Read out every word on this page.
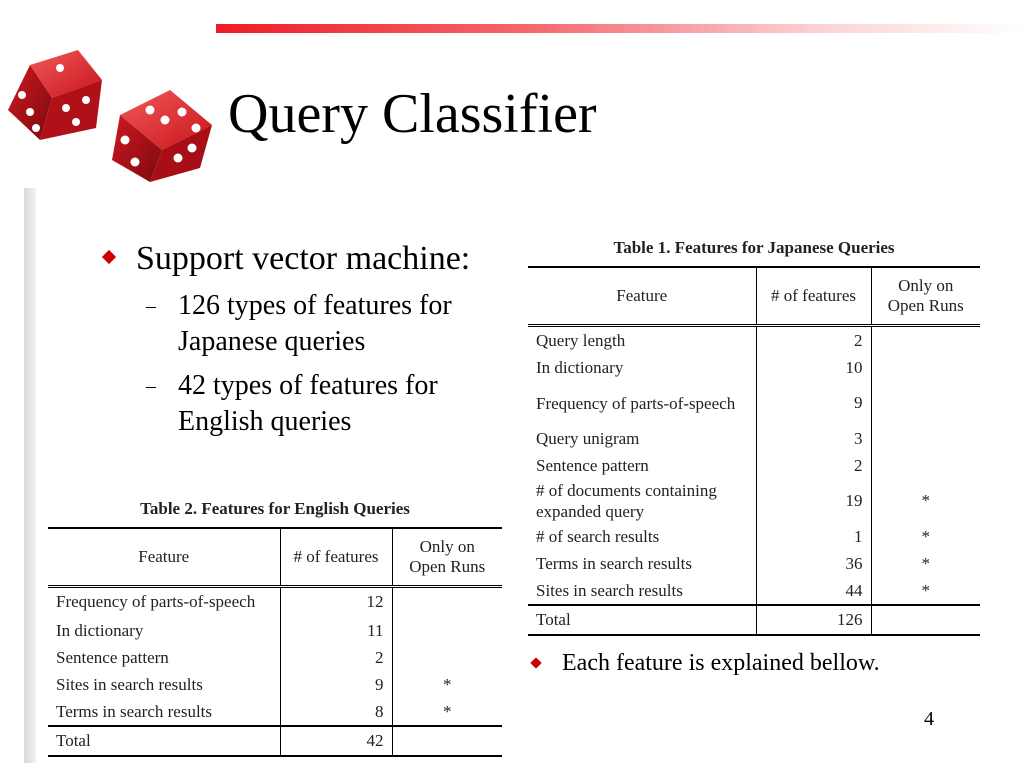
Query Classifier
Support vector machine:
– 126 types of features for Japanese queries
– 42 types of features for English queries
Table 1. Features for Japanese Queries
Feature	# of features	Only on Open Runs
Query length	2	
In dictionary	10	
Frequency of parts-of-speech	9	
Query unigram	3	
Sentence pattern	2	
# of documents containing expanded query	19	*
# of search results	1	*
Terms in search results	36	*
Sites in search results	44	*
Total	126	
Table 2. Features for English Queries
Feature	# of features	Only on Open Runs
Frequency of parts-of-speech	12	
In dictionary	11	
Sentence pattern	2	
Sites in search results	9	*
Terms in search results	8	*
Total	42	
Each feature is explained bellow.
4
